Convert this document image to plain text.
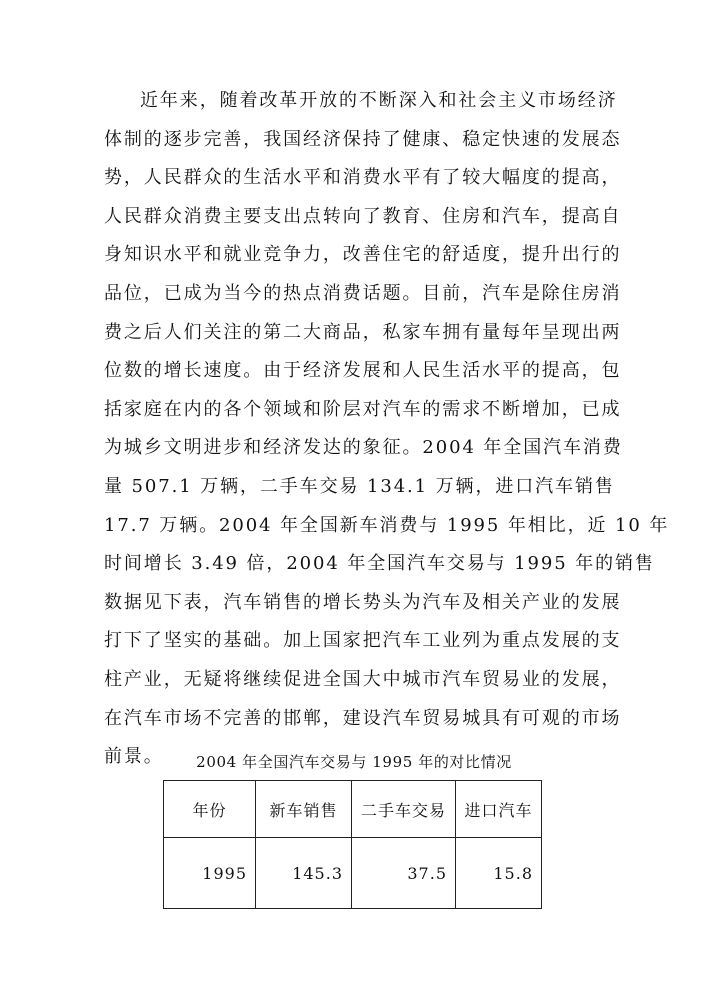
近年来，随着改革开放的不断深入和社会主义市场经济
体制的逐步完善，我国经济保持了健康、稳定快速的发展态
势，人民群众的生活水平和消费水平有了较大幅度的提高，
人民群众消费主要支出点转向了教育、住房和汽车，提高自
身知识水平和就业竞争力，改善住宅的舒适度，提升出行的
品位，已成为当今的热点消费话题。目前，汽车是除住房消
费之后人们关注的第二大商品，私家车拥有量每年呈现出两
位数的增长速度。由于经济发展和人民生活水平的提高，包
括家庭在内的各个领域和阶层对汽车的需求不断增加，已成
为城乡文明进步和经济发达的象征。2004 年全国汽车消费
量 507.1 万辆，二手车交易 134.1 万辆，进口汽车销售
17.7 万辆。2004 年全国新车消费与 1995 年相比，近 10 年
时间增长 3.49 倍，2004 年全国汽车交易与 1995 年的销售
数据见下表，汽车销售的增长势头为汽车及相关产业的发展
打下了坚实的基础。加上国家把汽车工业列为重点发展的支
柱产业，无疑将继续促进全国大中城市汽车贸易业的发展，
在汽车市场不完善的邯郸，建设汽车贸易城具有可观的市场
前景。	2004 年全国汽车交易与 1995 年的对比情况
年份	新车销售	二手车交易	进口汽车
1995	145.3	37.5	15.8
